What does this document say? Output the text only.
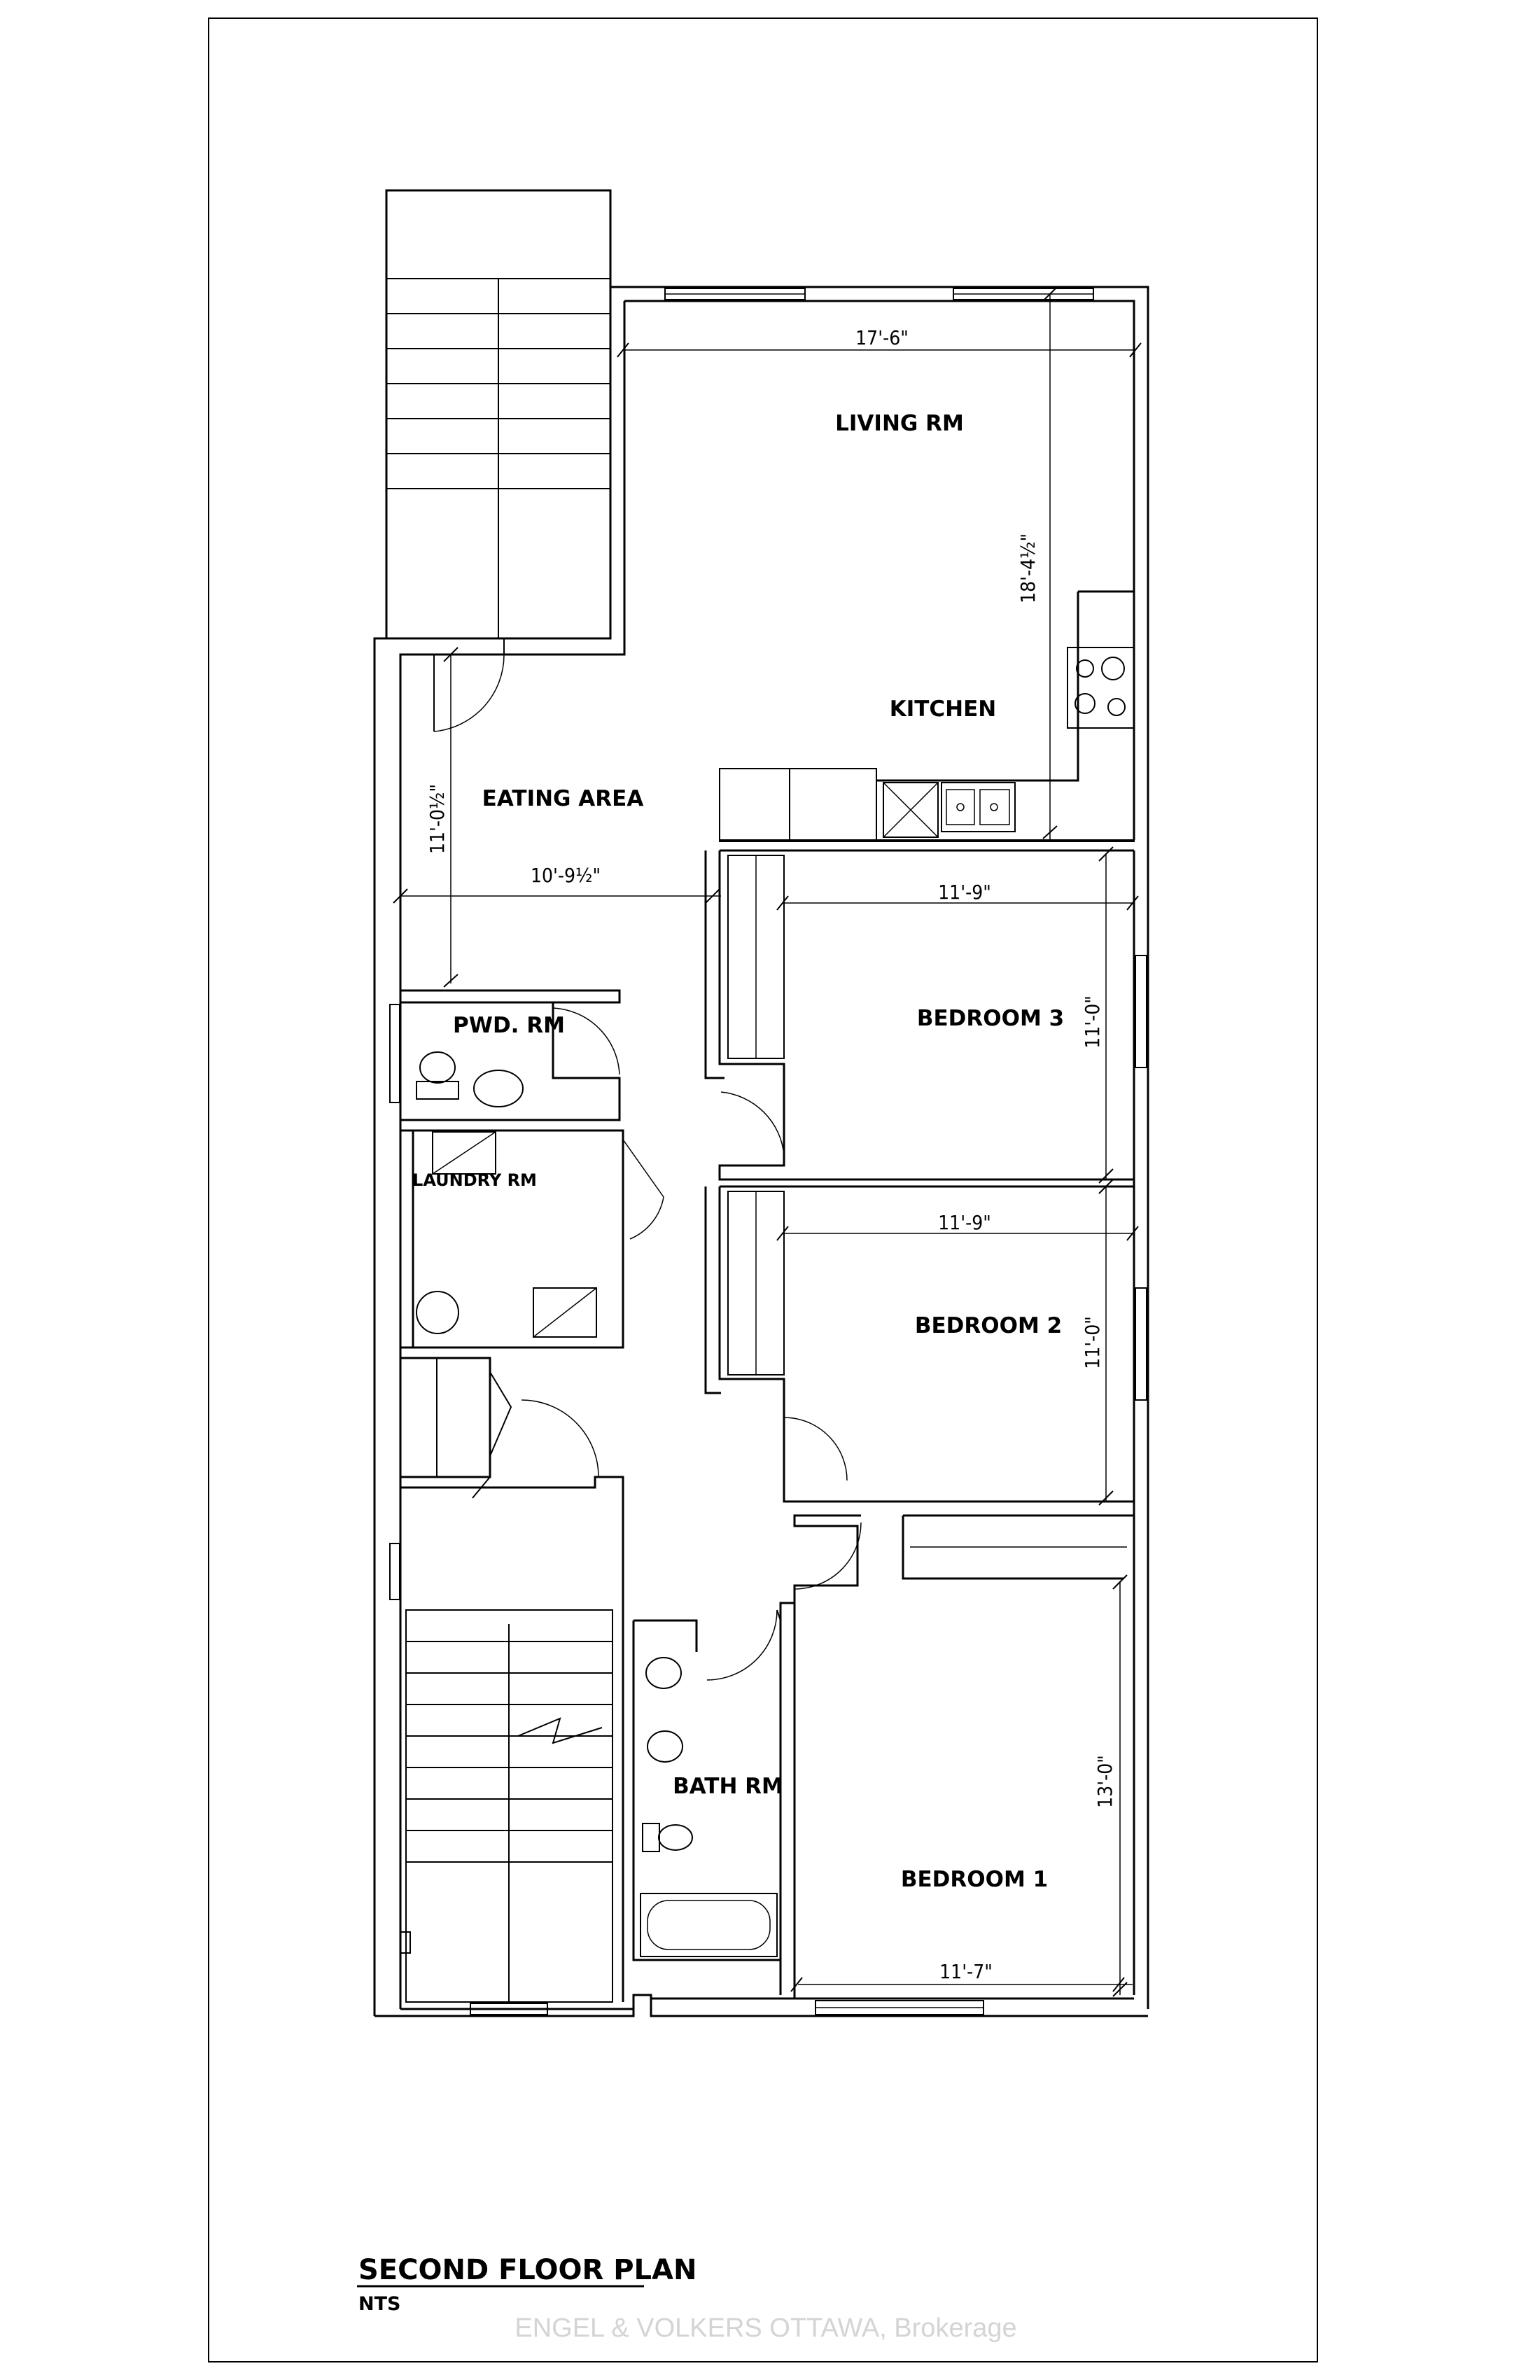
LIVING RM
KITCHEN
EATING AREA
PWD. RM
LAUNDRY RM
BEDROOM 3
BEDROOM 2
BEDROOM 1
BATH RM
17'-6"
18'-4½"
11'-0½"
10'-9½"
11'-9"
11'-0"
11'-9"
11'-0"
13'-0"
11'-7"
SECOND FLOOR PLAN
NTS
ENGEL & VOLKERS OTTAWA, Brokerage
